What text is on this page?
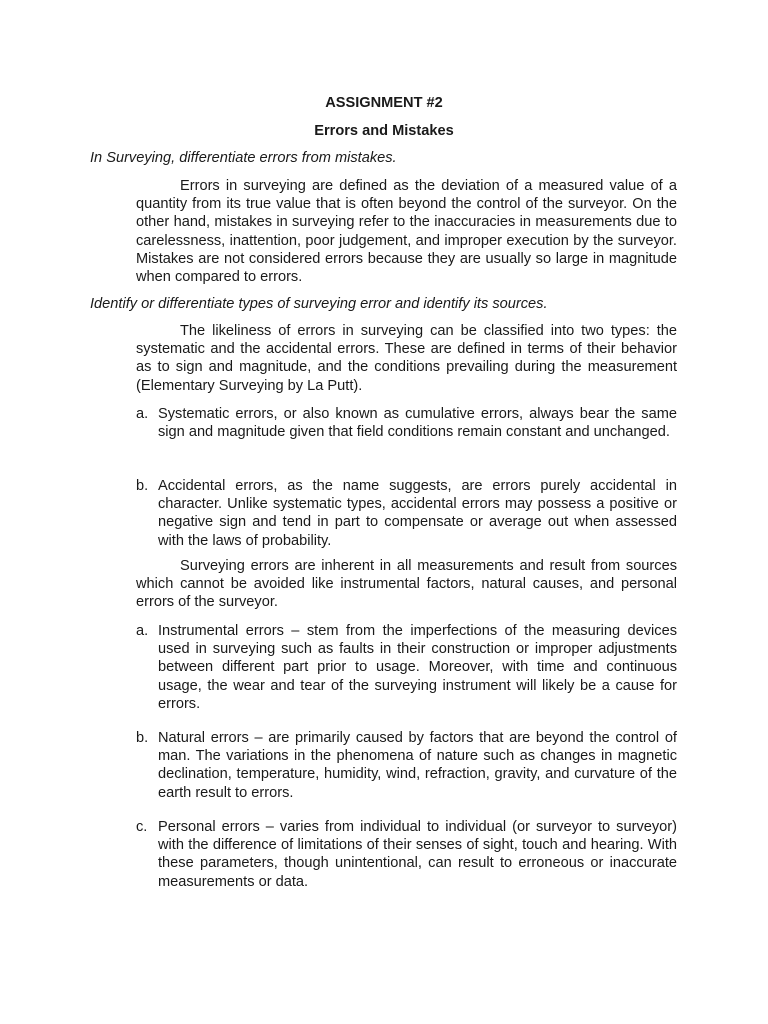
ASSIGNMENT #2
Errors and Mistakes
In Surveying, differentiate errors from mistakes.

Errors in surveying are defined as the deviation of a measured value of a quantity from its true value that is often beyond the control of the surveyor. On the other hand, mistakes in surveying refer to the inaccuracies in measurements due to carelessness, inattention, poor judgement, and improper execution by the surveyor. Mistakes are not considered errors because they are usually so large in magnitude when compared to errors.

Identify or differentiate types of surveying error and identify its sources.

The likeliness of errors in surveying can be classified into two types: the systematic and the accidental errors. These are defined in terms of their behavior as to sign and magnitude, and the conditions prevailing during the measurement (Elementary Surveying by La Putt).

a. Systematic errors, or also known as cumulative errors, always bear the same sign and magnitude given that field conditions remain constant and unchanged.
b. Accidental errors, as the name suggests, are errors purely accidental in character. Unlike systematic types, accidental errors may possess a positive or negative sign and tend in part to compensate or average out when assessed with the laws of probability.

Surveying errors are inherent in all measurements and result from sources which cannot be avoided like instrumental factors, natural causes, and personal errors of the surveyor.

a. Instrumental errors – stem from the imperfections of the measuring devices used in surveying such as faults in their construction or improper adjustments between different part prior to usage. Moreover, with time and continuous usage, the wear and tear of the surveying instrument will likely be a cause for errors.
b. Natural errors – are primarily caused by factors that are beyond the control of man. The variations in the phenomena of nature such as changes in magnetic declination, temperature, humidity, wind, refraction, gravity, and curvature of the earth result to errors.
c. Personal errors – varies from individual to individual (or surveyor to surveyor) with the difference of limitations of their senses of sight, touch and hearing. With these parameters, though unintentional, can result to erroneous or inaccurate measurements or data.
